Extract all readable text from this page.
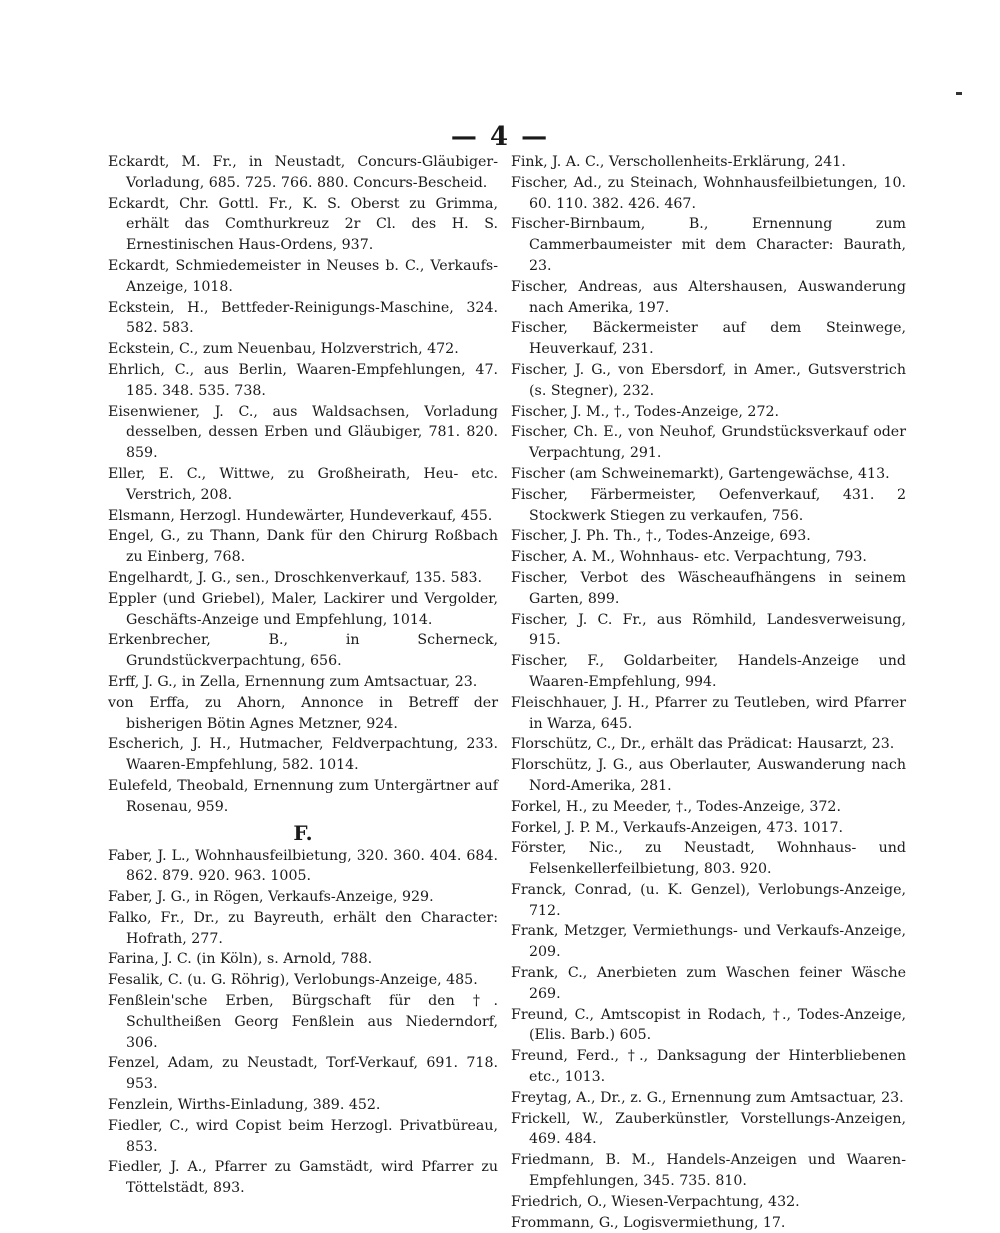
— 4 —

Eckardt, M. Fr., in Neustadt, Concurs-Gläubiger-Vorladung, 685. 725. 766. 880. Concurs-Bescheid.

Eckardt, Chr. Gottl. Fr., K. S. Oberst zu Grimma, erhält das Comthurkreuz 2r Cl. des H. S. Ernestinischen Haus-Ordens, 937.

Eckardt, Schmiedemeister in Neuses b. C., Verkaufs-Anzeige, 1018.

Eckstein, H., Bettfeder-Reinigungs-Maschine, 324. 582. 583.

Eckstein, C., zum Neuenbau, Holzverstrich, 472.

Ehrlich, C., aus Berlin, Waaren-Empfehlungen, 47. 185. 348. 535. 738.

Eisenwiener, J. C., aus Waldsachsen, Vorladung desselben, dessen Erben und Gläubiger, 781. 820. 859.

Eller, E. C., Wittwe, zu Großheirath, Heu- etc. Verstrich, 208.

Elsmann, Herzogl. Hundewärter, Hundeverkauf, 455.

Engel, G., zu Thann, Dank für den Chirurg Roßbach zu Einberg, 768.

Engelhardt, J. G., sen., Droschkenverkauf, 135. 583.

Eppler (und Griebel), Maler, Lackirer und Vergolder, Geschäfts-Anzeige und Empfehlung, 1014.

Erkenbrecher, B., in Scherneck, Grundstückverpachtung, 656.

Erff, J. G., in Zella, Ernennung zum Amtsactuar, 23.

von Erffa, zu Ahorn, Annonce in Betreff der bisherigen Bötin Agnes Metzner, 924.

Escherich, J. H., Hutmacher, Feldverpachtung, 233. Waaren-Empfehlung, 582. 1014.

Eulefeld, Theobald, Ernennung zum Untergärtner auf Rosenau, 959.

F.

Faber, J. L., Wohnhausfeilbietung, 320. 360. 404. 684. 862. 879. 920. 963. 1005.

Faber, J. G., in Rögen, Verkaufs-Anzeige, 929.

Falko, Fr., Dr., zu Bayreuth, erhält den Character: Hofrath, 277.

Farina, J. C. (in Köln), s. Arnold, 788.

Fesalik, C. (u. G. Röhrig), Verlobungs-Anzeige, 485.

Fenßlein'sche Erben, Bürgschaft für den †. Schultheißen Georg Fenßlein aus Niederndorf, 306.

Fenzel, Adam, zu Neustadt, Torf-Verkauf, 691. 718. 953.

Fenzlein, Wirths-Einladung, 389. 452.

Fiedler, C., wird Copist beim Herzogl. Privatbüreau, 853.

Fiedler, J. A., Pfarrer zu Gamstädt, wird Pfarrer zu Töttelstädt, 893.

Fink, J. A. C., Verschollenheits-Erklärung, 241.

Fischer, Ad., zu Steinach, Wohnhausfeilbietungen, 10. 60. 110. 382. 426. 467.

Fischer-Birnbaum, B., Ernennung zum Cammerbaumeister mit dem Character: Baurath, 23.

Fischer, Andreas, aus Altershausen, Auswanderung nach Amerika, 197.

Fischer, Bäckermeister auf dem Steinwege, Heuverkauf, 231.

Fischer, J. G., von Ebersdorf, in Amer., Gutsverstrich (s. Stegner), 232.

Fischer, J. M., †., Todes-Anzeige, 272.

Fischer, Ch. E., von Neuhof, Grundstücksverkauf oder Verpachtung, 291.

Fischer (am Schweinemarkt), Gartengewächse, 413.

Fischer, Färbermeister, Oefenverkauf, 431. 2 Stockwerk Stiegen zu verkaufen, 756.

Fischer, J. Ph. Th., †., Todes-Anzeige, 693.

Fischer, A. M., Wohnhaus- etc. Verpachtung, 793.

Fischer, Verbot des Wäscheaufhängens in seinem Garten, 899.

Fischer, J. C. Fr., aus Römhild, Landesverweisung, 915.

Fischer, F., Goldarbeiter, Handels-Anzeige und Waaren-Empfehlung, 994.

Fleischhauer, J. H., Pfarrer zu Teutleben, wird Pfarrer in Warza, 645.

Florschütz, C., Dr., erhält das Prädicat: Hausarzt, 23.

Florschütz, J. G., aus Oberlauter, Auswanderung nach Nord-Amerika, 281.

Forkel, H., zu Meeder, †., Todes-Anzeige, 372.

Forkel, J. P. M., Verkaufs-Anzeigen, 473. 1017.

Förster, Nic., zu Neustadt, Wohnhaus- und Felsenkellerfeilbietung, 803. 920.

Franck, Conrad, (u. K. Genzel), Verlobungs-Anzeige, 712.

Frank, Metzger, Vermiethungs- und Verkaufs-Anzeige, 209.

Frank, C., Anerbieten zum Waschen feiner Wäsche 269.

Freund, C., Amtscopist in Rodach, †., Todes-Anzeige, (Elis. Barb.) 605.

Freund, Ferd., †., Danksagung der Hinterbliebenen etc., 1013.

Freytag, A., Dr., z. G., Ernennung zum Amtsactuar, 23.

Frickell, W., Zauberkünstler, Vorstellungs-Anzeigen, 469. 484.

Friedmann, B. M., Handels-Anzeigen und Waaren-Empfehlungen, 345. 735. 810.

Friedrich, O., Wiesen-Verpachtung, 432.

Frommann, G., Logisvermiethung, 17.
